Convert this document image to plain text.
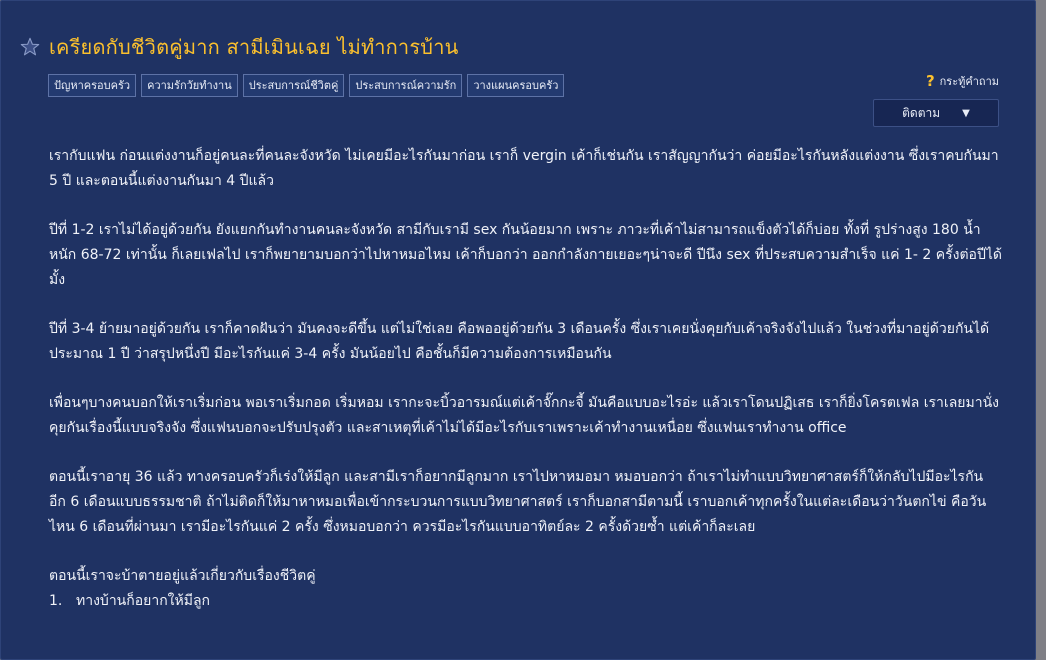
เครียดกับชีวิตคู่มาก สามีเมินเฉย ไม่ทำการบ้าน
ปัญหาครอบครัว	ความรักวัยทำงาน	ประสบการณ์ชีวิตคู่	ประสบการณ์ความรัก	วางแผนครอบครัว	? กระทู้คำถาม
ติดตาม ▼

เรากับแฟน ก่อนแต่งงานก็อยู่คนละที่คนละจังหวัด ไม่เคยมีอะไรกันมาก่อน เราก็ vergin เค้าก็เช่นกัน เราสัญญากันว่า ค่อยมีอะไรกันหลังแต่งงาน ซึ่งเราคบกันมา 5 ปี และตอนนี้แต่งงานกันมา 4 ปีแล้ว

ปีที่ 1-2 เราไม่ได้อยู่ด้วยกัน ยังแยกกันทำงานคนละจังหวัด สามีกับเรามี sex กันน้อยมาก เพราะ ภาวะที่เค้าไม่สามารถแข็งตัวได้ก็บ่อย ทั้งที่ รูปร่างสูง 180 น้ำหนัก 68-72 เท่านั้น ก็เลยเฟลไป เราก็พยายามบอกว่าไปหาหมอไหม เค้าก็บอกว่า ออกกำลังกายเยอะๆน่าจะดี ปีนึง sex ที่ประสบความสำเร็จ แค่ 1- 2 ครั้งต่อปีได้มั้ง

ปีที่ 3-4 ย้ายมาอยู่ด้วยกัน เราก็คาดฝันว่า มันคงจะดีขึ้น แต่ไม่ใช่เลย คือพออยู่ด้วยกัน 3 เดือนครั้ง ซึ่งเราเคยนั่งคุยกับเค้าจริงจังไปแล้ว ในช่วงที่มาอยู่ด้วยกันได้ประมาณ 1 ปี ว่าสรุปหนึ่งปี มีอะไรกันแค่ 3-4 ครั้ง มันน้อยไป คือชั้นก็มีความต้องการเหมือนกัน

เพื่อนๆบางคนบอกให้เราเริ่มก่อน พอเราเริ่มกอด เริ่มหอม เรากะจะบิ้วอารมณ์แต่เค้าจั๊กกะจี้ มันคือแบบอะไรอ่ะ แล้วเราโดนปฏิเสธ เราก็ยิ่งโครตเฟล เราเลยมานั่งคุยกันเรื่องนี้แบบจริงจัง ซึ่งแฟนบอกจะปรับปรุงตัว และสาเหตุที่เค้าไม่ได้มีอะไรกับเราเพราะเค้าทำงานเหนื่อย ซึ่งแฟนเราทำงาน office

ตอนนี้เราอายุ 36 แล้ว ทางครอบครัวก็เร่งให้มีลูก และสามีเราก็อยากมีลูกมาก เราไปหาหมอมา หมอบอกว่า ถ้าเราไม่ทำแบบวิทยาศาสตร์ก็ให้กลับไปมีอะไรกัน อีก 6 เดือนแบบธรรมชาติ ถ้าไม่ติดก็ให้มาหาหมอเพื่อเข้ากระบวนการแบบวิทยาศาสตร์ เราก็บอกสามีตามนี้ เราบอกเค้าทุกครั้งในแต่ละเดือนว่าวันตกไข่ คือวันไหน 6 เดือนที่ผ่านมา เรามีอะไรกันแค่ 2 ครั้ง ซึ่งหมอบอกว่า ควรมีอะไรกันแบบอาทิตย์ละ 2 ครั้งด้วยซ้ำ แต่เค้าก็ละเลย

ตอนนี้เราจะบ้าตายอยู่แล้วเกี่ยวกับเรื่องชีวิตคู่
1. ทางบ้านก็อยากให้มีลูก
